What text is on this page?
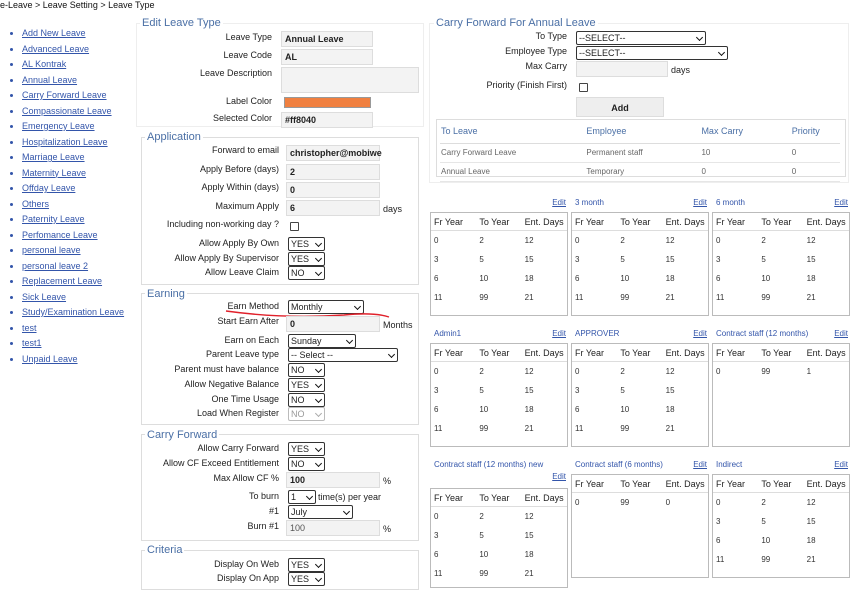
e-Leave > Leave Setting > Leave Type
• Add New Leave
• Advanced Leave
• AL Kontrak
• Annual Leave
• Carry Forward Leave
• Compassionate Leave
• Emergency Leave
• Hospitalization Leave
• Marriage Leave
• Maternity Leave
• Offday Leave
• Others
• Paternity Leave
• Perfomance Leave
• personal leave
• personal leave 2
• Replacement Leave
• Sick Leave
• Study/Examination Leave
• test
• test1
• Unpaid Leave
Edit Leave Type
Leave Type	Annual Leave
Leave Code	AL
Leave Description
Label Color
Selected Color	#ff8040
Application
Forward to email	christopher@mobiwe
Apply Before (days)	2
Apply Within (days)	0
Maximum Apply	6	days
Including non-working day ?
Allow Apply By Own	YES
Allow Apply By Supervisor	YES
Allow Leave Claim	NO
Earning
Earn Method	Monthly
Start Earn After	0	Months
Earn on Each	Sunday
Parent Leave type	-- Select --
Parent must have balance	NO
Allow Negative Balance	YES
One Time Usage	NO
Load When Register	NO
Carry Forward
Allow Carry Forward	YES
Allow CF Exceed Entitlement	NO
Max Allow CF %	100	%
To burn	1	time(s) per year
#1	July
Burn #1	100	%
Criteria
Display On Web	YES
Display On App	YES
Carry Forward For Annual Leave
To Type	--SELECT--
Employee Type	--SELECT--
Max Carry	days
Priority (Finish First)
Add
To Leave	Employee	Max Carry	Priority
Carry Forward Leave	Permanent staff	10	0
Annual Leave	Temporary	0	0
Edit
Fr Year	To Year	Ent. Days
0	2	12
3	5	15
6	10	18
11	99	21
3 month	Edit
Fr Year	To Year	Ent. Days
0	2	12
3	5	15
6	10	18
11	99	21
6 month	Edit
Fr Year	To Year	Ent. Days
0	2	12
3	5	15
6	10	18
11	99	21
Admin1	Edit
Fr Year	To Year	Ent. Days
0	2	12
3	5	15
6	10	18
11	99	21
APPROVER	Edit
Fr Year	To Year	Ent. Days
0	2	12
3	5	15
6	10	18
11	99	21
Contract staff (12 months)	Edit
Fr Year	To Year	Ent. Days
0	99	1
Contract staff (12 months) new
Edit
Fr Year	To Year	Ent. Days
0	2	12
3	5	15
6	10	18
11	99	21
Contract staff (6 months)	Edit
Fr Year	To Year	Ent. Days
0	99	0
Indirect	Edit
Fr Year	To Year	Ent. Days
0	2	12
3	5	15
6	10	18
11	99	21
